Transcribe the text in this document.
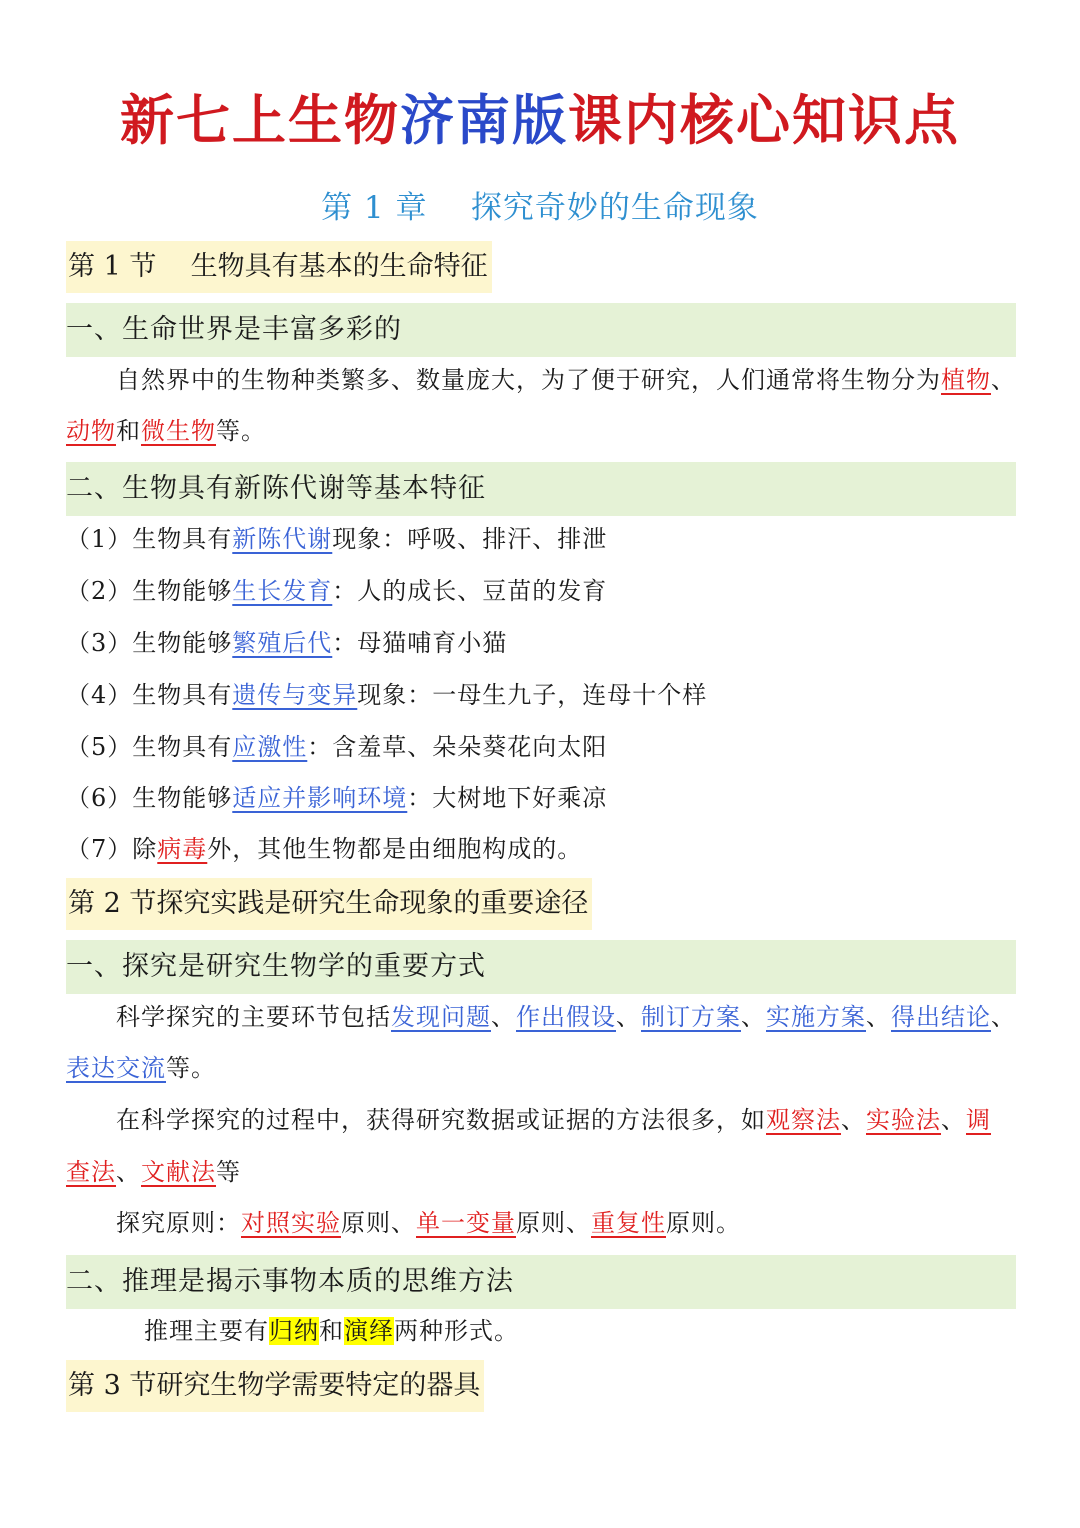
新七上生物济南版课内核心知识点
第 1 章    探究奇妙的生命现象
第 1 节    生物具有基本的生命特征
一、生命世界是丰富多彩的
自然界中的生物种类繁多、数量庞大，为了便于研究，人们通常将生物分为植物、
动物和微生物等。
二、生物具有新陈代谢等基本特征
（1）生物具有新陈代谢现象：呼吸、排汗、排泄
（2）生物能够生长发育：人的成长、豆苗的发育
（3）生物能够繁殖后代：母猫哺育小猫
（4）生物具有遗传与变异现象：一母生九子，连母十个样
（5）生物具有应激性：含羞草、朵朵葵花向太阳
（6）生物能够适应并影响环境：大树地下好乘凉
（7）除病毒外，其他生物都是由细胞构成的。
第 2 节探究实践是研究生命现象的重要途径
一、探究是研究生物学的重要方式
科学探究的主要环节包括发现问题、作出假设、制订方案、实施方案、得出结论、
表达交流等。
在科学探究的过程中，获得研究数据或证据的方法很多，如观察法、实验法、调
查法、文献法等
探究原则：对照实验原则、单一变量原则、重复性原则。
二、推理是揭示事物本质的思维方法
推理主要有归纳和演绎两种形式。
第 3 节研究生物学需要特定的器具
